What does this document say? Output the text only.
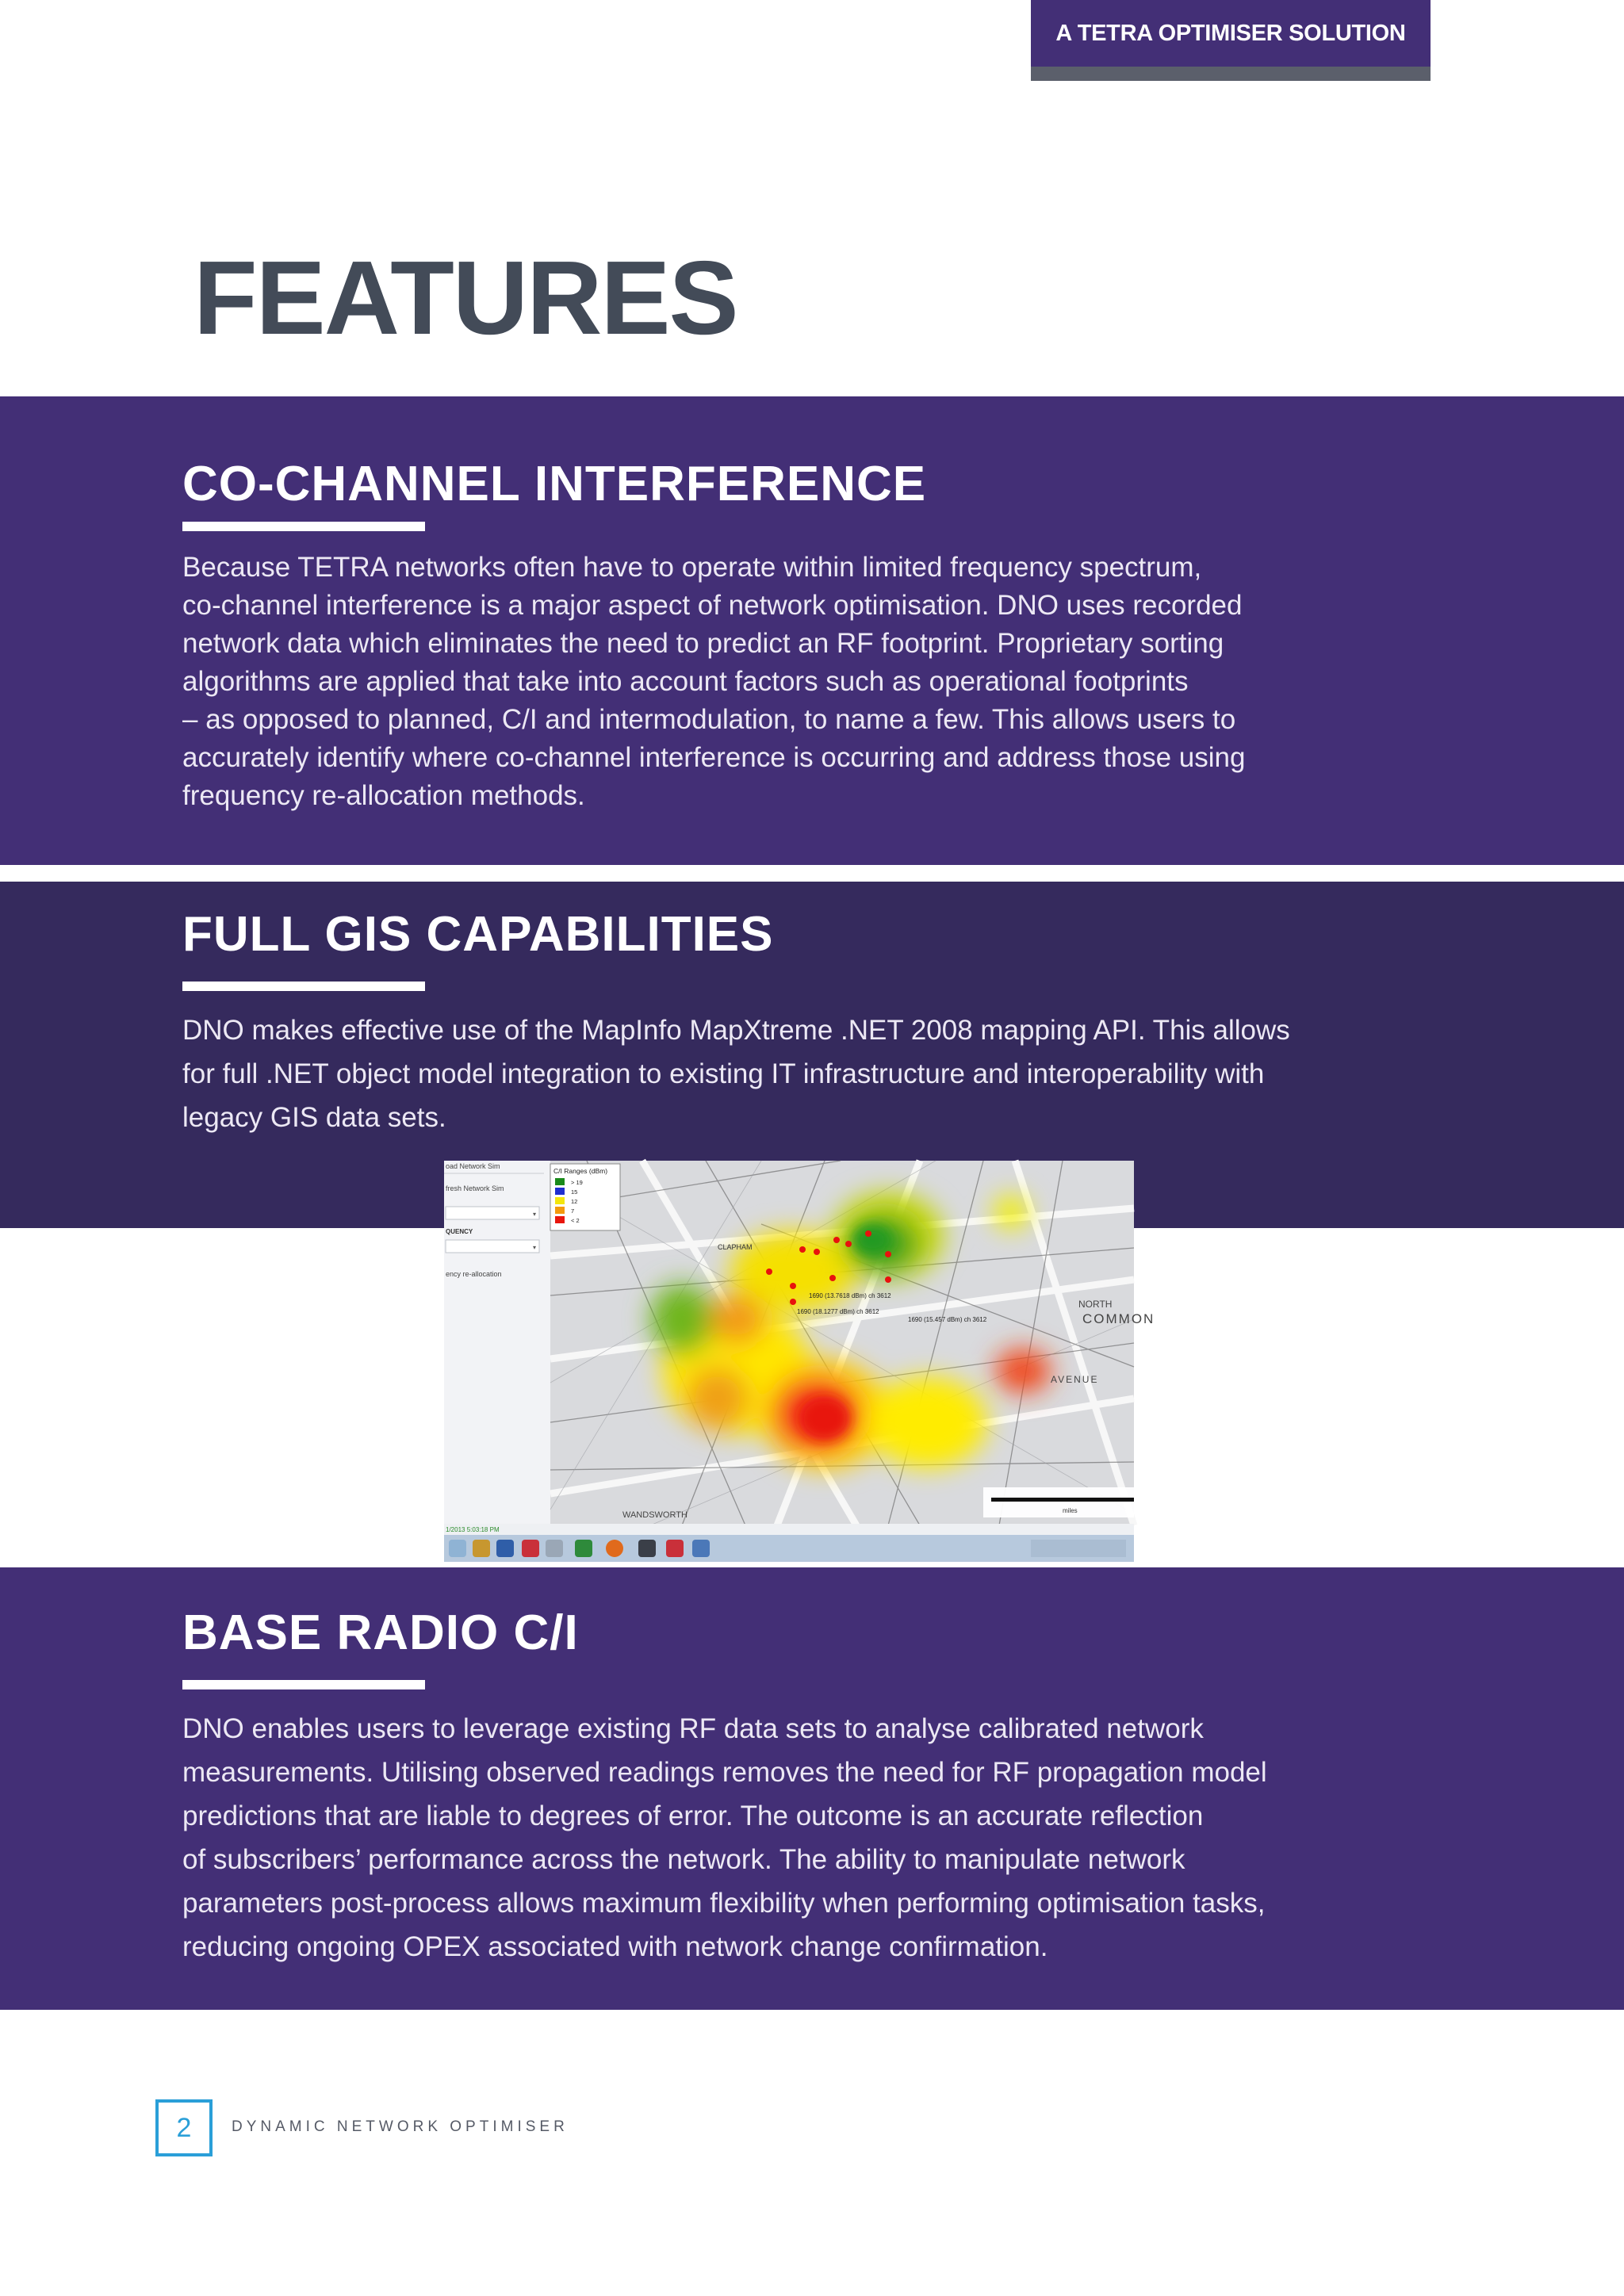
A TETRA OPTIMISER SOLUTION
FEATURES
CO-CHANNEL INTERFERENCE
Because TETRA networks often have to operate within limited frequency spectrum,
co-channel interference is a major aspect of network optimisation. DNO uses recorded
network data which eliminates the need to predict an RF footprint. Proprietary sorting
algorithms are applied that take into account factors such as operational footprints
– as opposed to planned, C/I and intermodulation, to name a few. This allows users to
accurately identify where co-channel interference is occurring and address those using
frequency re-allocation methods.
FULL GIS CAPABILITIES
DNO makes effective use of the MapInfo MapXtreme .NET 2008 mapping API. This allows
for full .NET object model integration to existing IT infrastructure and interoperability with
legacy GIS data sets.
oad Network Sim
fresh Network Sim
▾
QUENCY
▾
ency re-allocation
1690 (13.7618 dBm) ch 3612
1690 (18.1277 dBm) ch 3612
1690 (15.457 dBm) ch 3612
CLAPHAM
COMMON
NORTH
WANDSWORTH
AVENUE
miles
C/I Ranges (dBm)
> 19
15
12
7
< 2
1/2013 5:03:18 PM
BASE RADIO C/I
DNO enables users to leverage existing RF data sets to analyse calibrated network
measurements. Utilising observed readings removes the need for RF propagation model
predictions that are liable to degrees of error. The outcome is an accurate reflection
of subscribers’ performance across the network. The ability to manipulate network
parameters post-process allows maximum flexibility when performing optimisation tasks,
reducing ongoing OPEX associated with network change confirmation.
2	DYNAMIC NETWORK OPTIMISER
